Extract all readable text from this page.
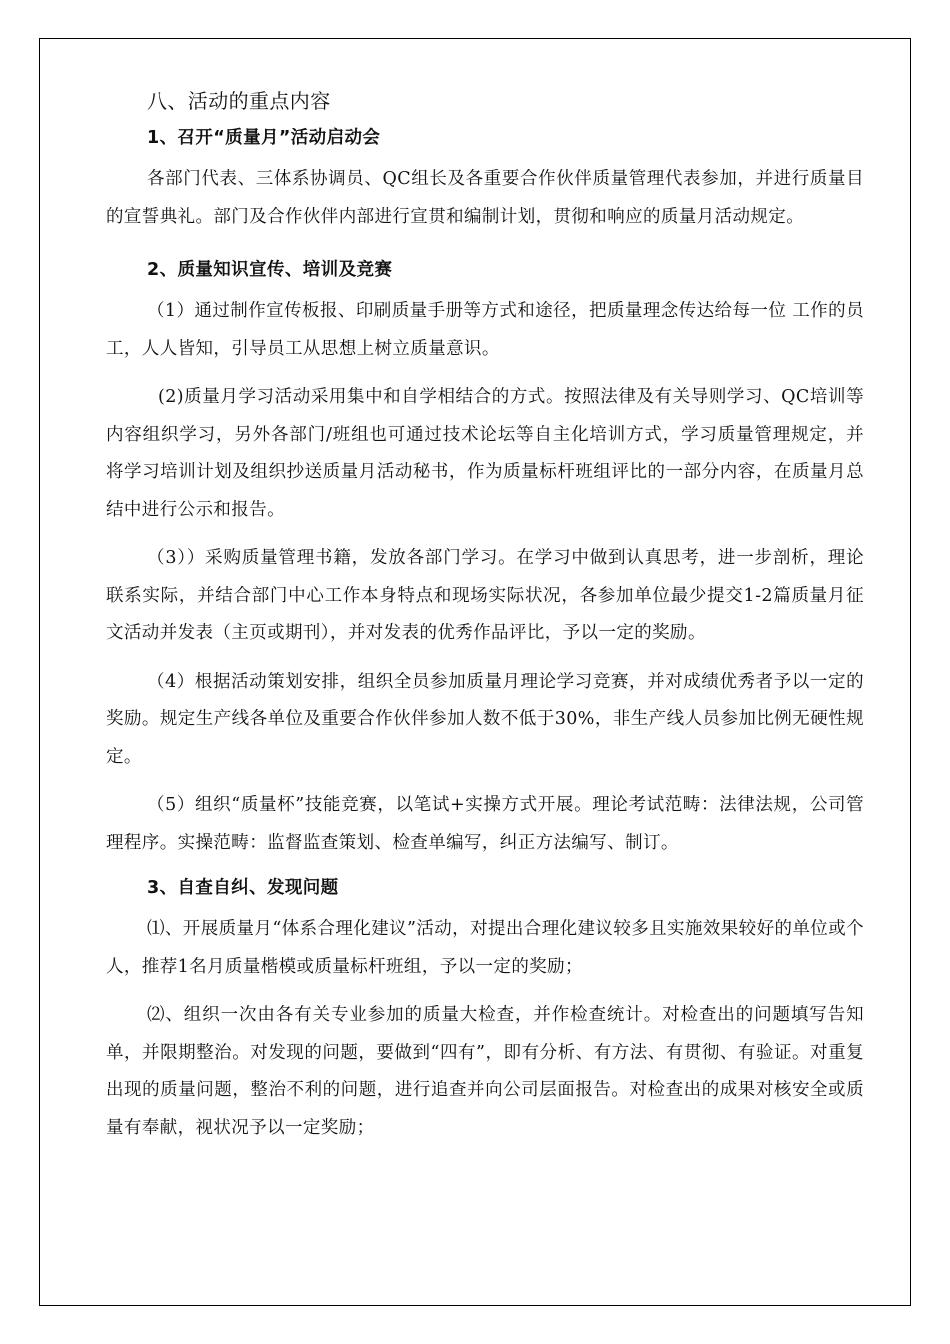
八、活动的重点内容
1、召开“质量月”活动启动会
各部门代表、三体系协调员、QC组长及各重要合作伙伴质量管理代表参加，并进行质量目的宣誓典礼。部门及合作伙伴内部进行宣贯和编制计划，贯彻和响应的质量月活动规定。
2、质量知识宣传、培训及竞赛
（1）通过制作宣传板报、印刷质量手册等方式和途径，把质量理念传达给每一位 工作的员工，人人皆知，引导员工从思想上树立质量意识。
(2)质量月学习活动采用集中和自学相结合的方式。按照法律及有关导则学习、QC培训等内容组织学习，另外各部门/班组也可通过技术论坛等自主化培训方式，学习质量管理规定，并将学习培训计划及组织抄送质量月活动秘书，作为质量标杆班组评比的一部分内容，在质量月总结中进行公示和报告。
（3））采购质量管理书籍，发放各部门学习。在学习中做到认真思考，进一步剖析，理论联系实际，并结合部门中心工作本身特点和现场实际状况，各参加单位最少提交1-2篇质量月征文活动并发表（主页或期刊），并对发表的优秀作品评比，予以一定的奖励。
（4）根据活动策划安排，组织全员参加质量月理论学习竞赛，并对成绩优秀者予以一定的奖励。规定生产线各单位及重要合作伙伴参加人数不低于30%，非生产线人员参加比例无硬性规定。
（5）组织“质量杯”技能竞赛，以笔试+实操方式开展。理论考试范畴：法律法规，公司管理程序。实操范畴：监督监查策划、检查单编写，纠正方法编写、制订。
3、自查自纠、发现问题
⑴、开展质量月“体系合理化建议”活动，对提出合理化建议较多且实施效果较好的单位或个人，推荐1名月质量楷模或质量标杆班组，予以一定的奖励；
⑵、组织一次由各有关专业参加的质量大检查，并作检查统计。对检查出的问题填写告知单，并限期整治。对发现的问题，要做到“四有”，即有分析、有方法、有贯彻、有验证。对重复出现的质量问题，整治不利的问题，进行追查并向公司层面报告。对检查出的成果对核安全或质量有奉献，视状况予以一定奖励；
